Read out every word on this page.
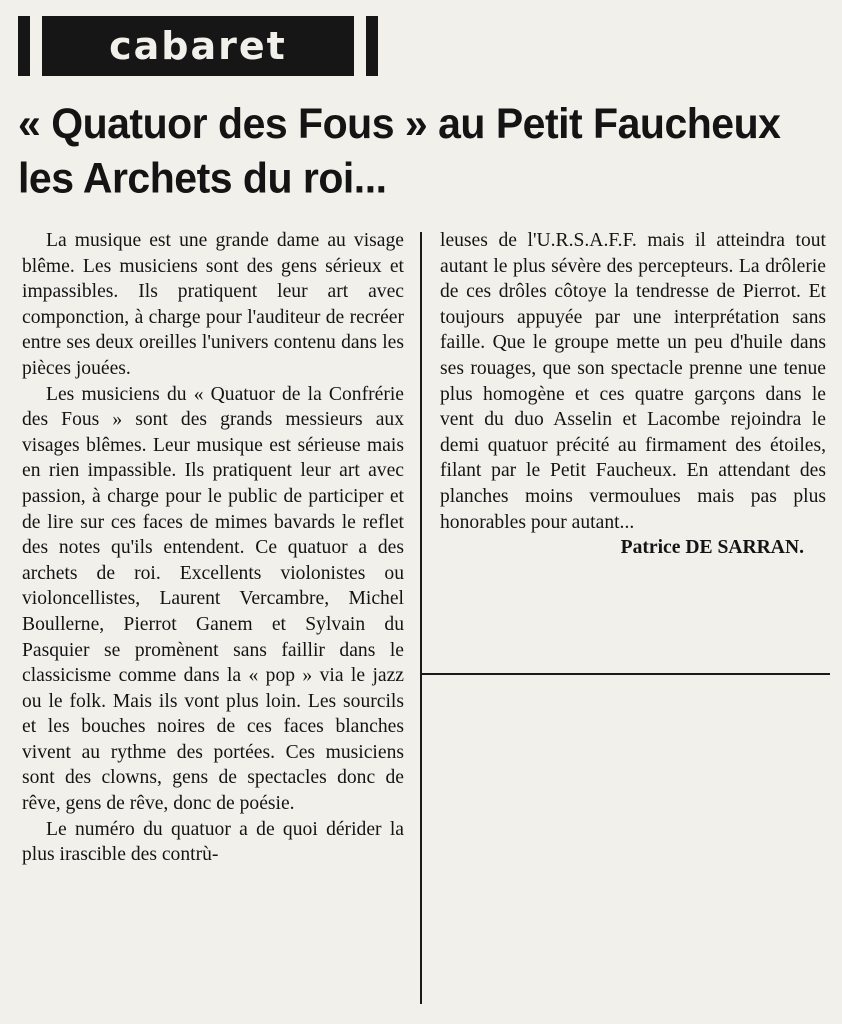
cabaret
« Quatuor des Fous » au Petit Faucheux
les Archets du roi...

La musique est une grande dame au visage blême. Les musiciens sont des gens sérieux et impassibles. Ils pratiquent leur art avec componction, à charge pour l'auditeur de recréer entre ses deux oreilles l'univers contenu dans les pièces jouées.

Les musiciens du « Quatuor de la Confrérie des Fous » sont des grands messieurs aux visages blêmes. Leur musique est sérieuse mais en rien impassible. Ils pratiquent leur art avec passion, à charge pour le public de participer et de lire sur ces faces de mimes bavards le reflet des notes qu'ils entendent. Ce quatuor a des archets de roi. Excellents violonistes ou violoncellistes, Laurent Vercambre, Michel Boullerne, Pierrot Ganem et Sylvain du Pasquier se promènent sans faillir dans le classicisme comme dans la « pop » via le jazz ou le folk. Mais ils vont plus loin. Les sourcils et les bouches noires de ces faces blanches vivent au rythme des portées. Ces musiciens sont des clowns, gens de spectacles donc de rêve, gens de rêve, donc de poésie.

Le numéro du quatuor a de quoi dérider la plus irascible des contrù-

leuses de l'U.R.S.A.F.F. mais il atteindra tout autant le plus sévère des percepteurs. La drôlerie de ces drôles côtoye la tendresse de Pierrot. Et toujours appuyée par une interprétation sans faille. Que le groupe mette un peu d'huile dans ses rouages, que son spectacle prenne une tenue plus homogène et ces quatre garçons dans le vent du duo Asselin et Lacombe rejoindra le demi quatuor précité au firmament des étoiles, filant par le Petit Faucheux. En attendant des planches moins vermoulues mais pas plus honorables pour autant...

Patrice DE SARRAN.
